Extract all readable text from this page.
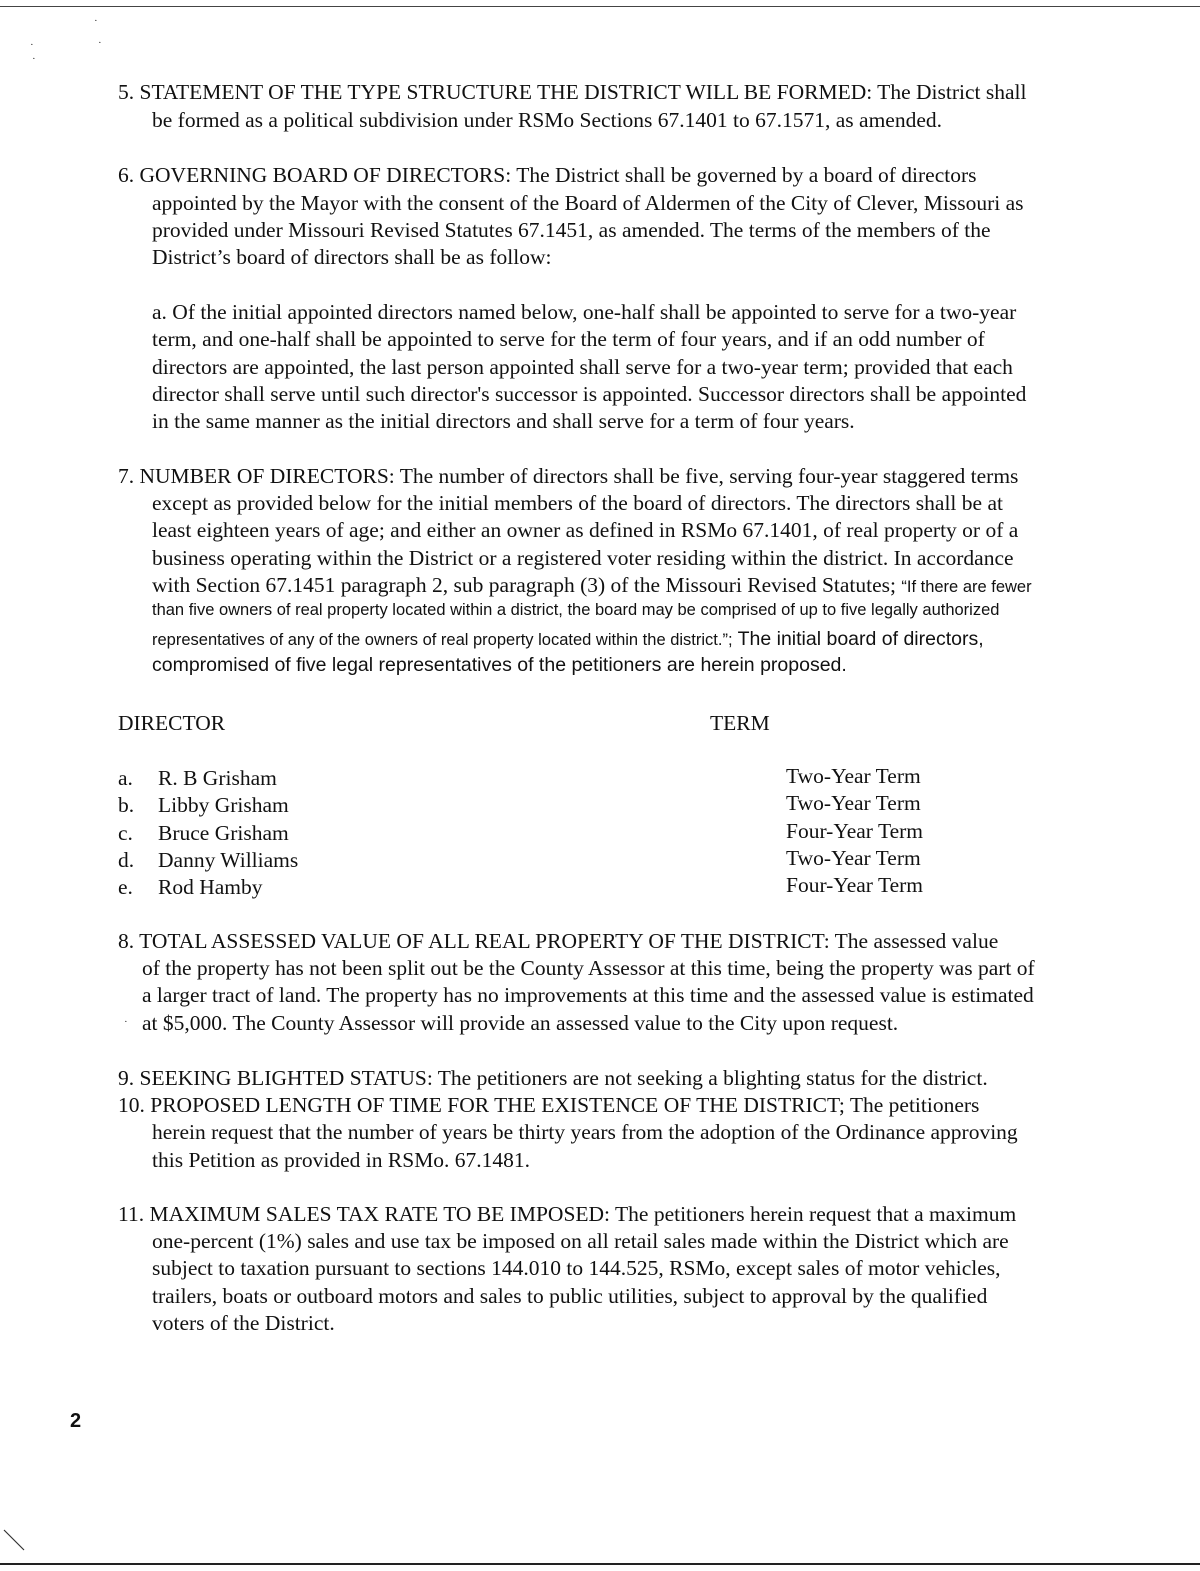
·
·
·
·
5. STATEMENT OF THE TYPE STRUCTURE THE DISTRICT WILL BE FORMED: The District shall
be formed as a political subdivision under RSMo Sections 67.1401 to 67.1571, as amended.
6. GOVERNING BOARD OF DIRECTORS: The District shall be governed by a board of directors
appointed by the Mayor with the consent of the Board of Aldermen of the City of Clever, Missouri as
provided under Missouri Revised Statutes 67.1451, as amended. The terms of the members of the
District’s board of directors shall be as follow:
a. Of the initial appointed directors named below, one-half shall be appointed to serve for a two-year
term, and one-half shall be appointed to serve for the term of four years, and if an odd number of
directors are appointed, the last person appointed shall serve for a two-year term; provided that each
director shall serve until such director's successor is appointed. Successor directors shall be appointed
in the same manner as the initial directors and shall serve for a term of four years.
7. NUMBER OF DIRECTORS: The number of directors shall be five, serving four-year staggered terms
except as provided below for the initial members of the board of directors. The directors shall be at
least eighteen years of age; and either an owner as defined in RSMo 67.1401, of real property or of a
business operating within the District or a registered voter residing within the district. In accordance
with Section 67.1451 paragraph 2, sub paragraph (3) of the Missouri Revised Statutes; “If there are fewer
than five owners of real property located within a district, the board may be comprised of up to five legally authorized
representatives of any of the owners of real property located within the district.”; The initial board of directors,
compromised of five legal representatives of the petitioners are herein proposed.
DIRECTOR	TERM
a. R. B Grisham	Two-Year Term
b. Libby Grisham	Two-Year Term
c. Bruce Grisham	Four-Year Term
d. Danny Williams	Two-Year Term
e. Rod Hamby	Four-Year Term
8. TOTAL ASSESSED VALUE OF ALL REAL PROPERTY OF THE DISTRICT: The assessed value
of the property has not been split out be the County Assessor at this time, being the property was part of
a larger tract of land. The property has no improvements at this time and the assessed value is estimated
· at $5,000. The County Assessor will provide an assessed value to the City upon request.
9. SEEKING BLIGHTED STATUS: The petitioners are not seeking a blighting status for the district.
10. PROPOSED LENGTH OF TIME FOR THE EXISTENCE OF THE DISTRICT; The petitioners
herein request that the number of years be thirty years from the adoption of the Ordinance approving
this Petition as provided in RSMo. 67.1481.
11. MAXIMUM SALES TAX RATE TO BE IMPOSED: The petitioners herein request that a maximum
one-percent (1%) sales and use tax be imposed on all retail sales made within the District which are
subject to taxation pursuant to sections 144.010 to 144.525, RSMo, except sales of motor vehicles,
trailers, boats or outboard motors and sales to public utilities, subject to approval by the qualified
voters of the District.
2
